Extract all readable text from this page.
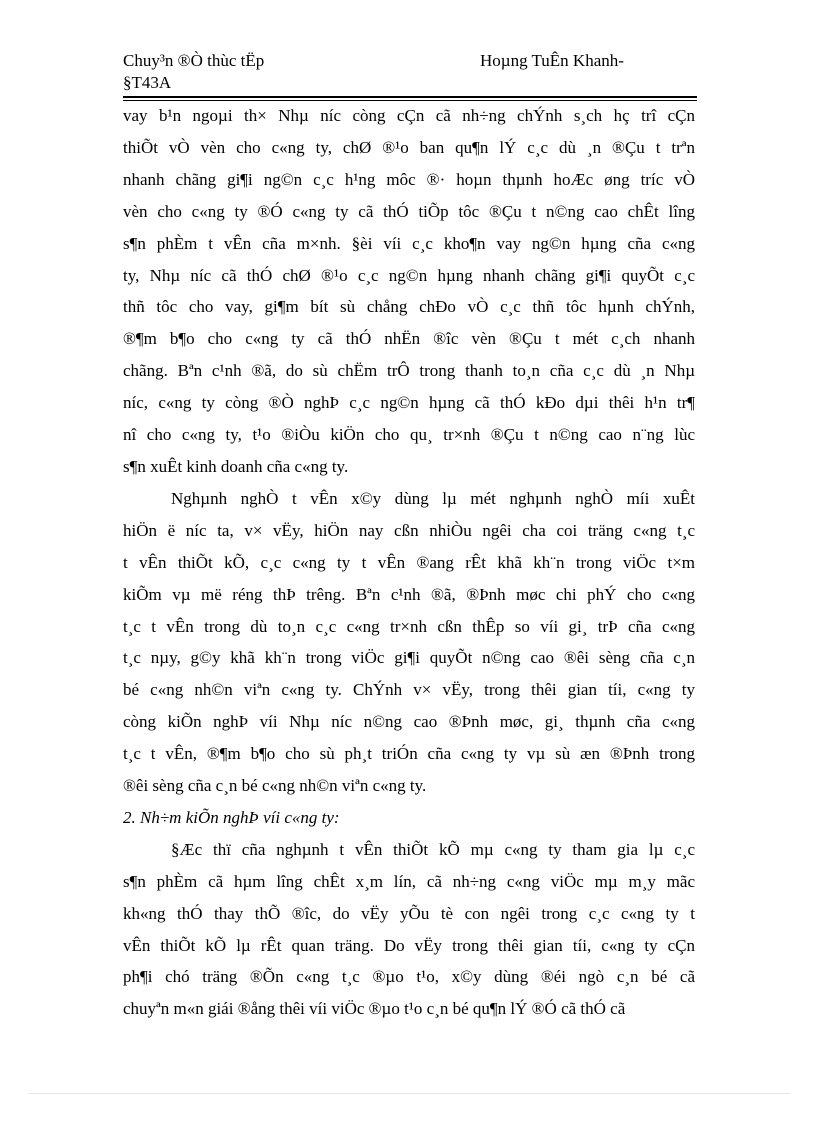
Chuy³n ®Ò thùc tËp
§T43A
Hoµng TuÊn Khanh-

vay b¹n ngoµi th× Nhµ níc còng cÇn cã nh÷ng chÝnh s¸ch hç trî cÇn
thiÕt vÒ vèn cho c«ng ty, chØ ®¹o ban qu¶n lÝ c¸c dù ¸n ®Çu t trªn
nhanh chãng gi¶i ng©n c¸c h¹ng môc ®· hoµn thµnh hoÆc øng tríc vÒ
vèn cho c«ng ty ®Ó c«ng ty cã thÓ tiÕp tôc ®Çu t n©ng cao chÊt lîng
s¶n phÈm t vÊn cña m×nh. §èi víi c¸c kho¶n vay ng©n hµng cña c«ng
ty, Nhµ níc cã thÓ chØ ®¹o c¸c ng©n hµng nhanh chãng gi¶i quyÕt c¸c
thñ tôc cho vay, gi¶m bít sù chång chÐo vÒ c¸c thñ tôc hµnh chÝnh,
®¶m b¶o cho c«ng ty cã thÓ nhËn ®îc vèn ®Çu t mét c¸ch nhanh
chãng. Bªn c¹nh ®ã, do sù chËm trÔ trong thanh to¸n cña c¸c dù ¸n Nhµ
níc, c«ng ty còng ®Ò nghÞ c¸c ng©n hµng cã thÓ kÐo dµi thêi h¹n tr¶
nî cho c«ng ty, t¹o ®iÒu kiÖn cho qu¸ tr×nh ®Çu t n©ng cao n¨ng lùc
s¶n xuÊt kinh doanh cña c«ng ty.

Nghµnh nghÒ t vÊn x©y dùng lµ mét nghµnh nghÒ míi xuÊt
hiÖn ë níc ta, v× vËy, hiÖn nay cßn nhiÒu ngêi cha coi träng c«ng t¸c
t vÊn thiÕt kÕ, c¸c c«ng ty t vÊn ®ang rÊt khã kh¨n trong viÖc t×m
kiÕm vµ më réng thÞ trêng. Bªn c¹nh ®ã, ®Þnh møc chi phÝ cho c«ng
t¸c t vÊn trong dù to¸n c¸c c«ng tr×nh cßn thÊp so víi gi¸ trÞ cña c«ng
t¸c nµy, g©y khã kh¨n trong viÖc gi¶i quyÕt n©ng cao ®êi sèng cña c¸n
bé c«ng nh©n viªn c«ng ty. ChÝnh v× vËy, trong thêi gian tíi, c«ng ty
còng kiÕn nghÞ víi Nhµ níc n©ng cao ®Þnh møc, gi¸ thµnh cña c«ng
t¸c t vÊn, ®¶m b¶o cho sù ph¸t triÓn cña c«ng ty vµ sù æn ®Þnh trong
®êi sèng cña c¸n bé c«ng nh©n viªn c«ng ty.

2. Nh÷m kiÕn nghÞ víi c«ng ty:

§Æc thï cña nghµnh t vÊn thiÕt kÕ mµ c«ng ty tham gia lµ c¸c
s¶n phÈm cã hµm lîng chÊt x¸m lín, cã nh÷ng c«ng viÖc mµ m¸y mãc
kh«ng thÓ thay thÕ ®îc, do vËy yÕu tè con ngêi trong c¸c c«ng ty t
vÊn thiÕt kÕ lµ rÊt quan träng. Do vËy trong thêi gian tíi, c«ng ty cÇn
ph¶i chó träng ®Õn c«ng t¸c ®µo t¹o, x©y dùng ®éi ngò c¸n bé cã
chuyªn m«n giái ®ång thêi víi viÖc ®µo t¹o c¸n bé qu¶n lÝ ®Ó cã thÓ cã
